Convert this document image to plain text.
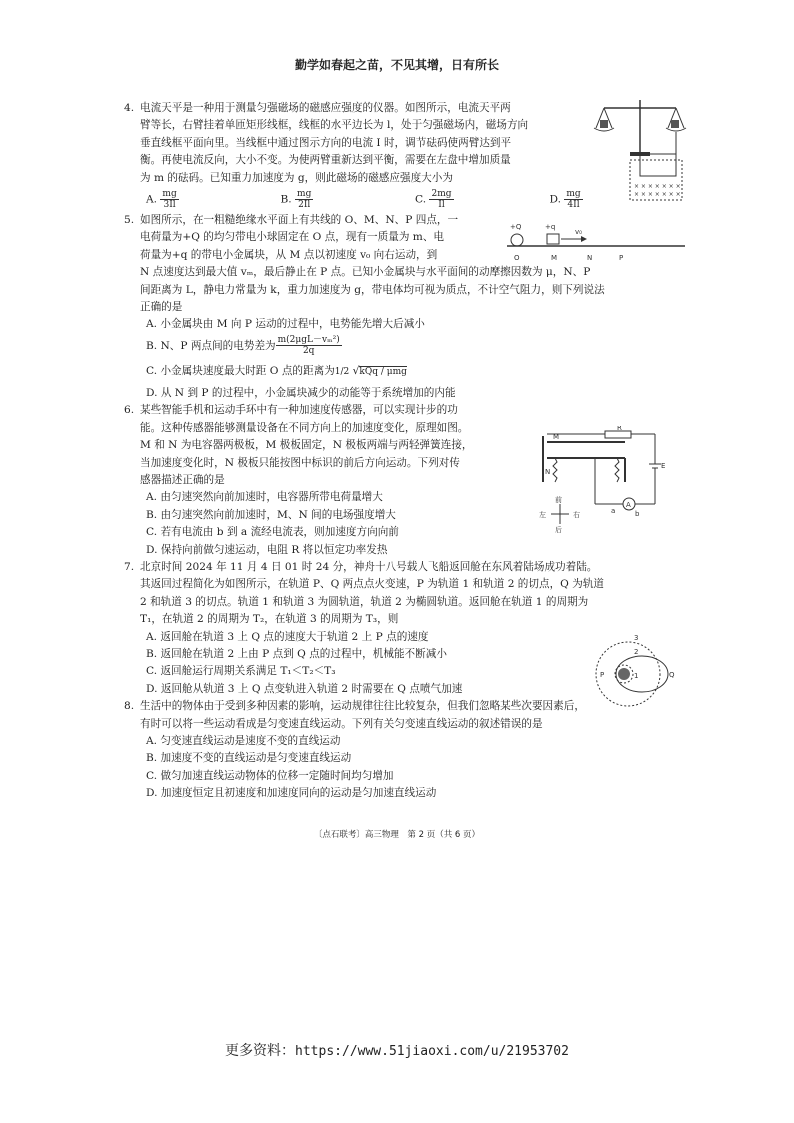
勤学如春起之苗，不见其增，日有所长
4. 电流天平是一种用于测量匀强磁场的磁感应强度的仪器。如图所示，电流天平两
臂等长，右臂挂着单匝矩形线框，线框的水平边长为 l，处于匀强磁场内，磁场方向
垂直线框平面向里。当线框中通过图示方向的电流 I 时，调节砝码使两臂达到平
衡。再使电流反向，大小不变。为使两臂重新达到平衡，需要在左盘中增加质量
为 m 的砝码。已知重力加速度为 g，则此磁场的磁感应强度大小为
A. $\frac{mg}{3Il}$	B. $\frac{mg}{2Il}$	C. $\frac{2mg}{Il}$	D. $\frac{mg}{4Il}$
5. 如图所示，在一粗糙绝缘水平面上有共线的 O、M、N、P 四点，一
电荷量为+Q 的均匀带电小球固定在 O 点，现有一质量为 m、电
荷量为+q 的带电小金属块，从 M 点以初速度 v₀ 向右运动，到
N 点速度达到最大值 vₘ，最后静止在 P 点。已知小金属块与水平面间的动摩擦因数为 μ，N、P
间距离为 L，静电力常量为 k，重力加速度为 g，带电体均可视为质点，不计空气阻力，则下列说法
正确的是
A. 小金属块由 M 向 P 运动的过程中，电势能先增大后减小
B. N、P 两点间的电势差为 $\frac{\text{m(2μgL－vₘ²)}}{2q}$
C. 小金属块速度最大时距 O 点的距离为1/2 √kQq / μmg
D. 从 N 到 P 的过程中，小金属块减少的动能等于系统增加的内能
6. 某些智能手机和运动手环中有一种加速度传感器，可以实现计步的功
能。这种传感器能够测量设备在不同方向上的加速度变化，原理如图。
M 和 N 为电容器两极板，M 极板固定，N 极板两端与两轻弹簧连接，
当加速度变化时，N 极板只能按图中标识的前后方向运动。下列对传
感器描述正确的是
A. 由匀速突然向前加速时，电容器所带电荷量增大
B. 由匀速突然向前加速时，M、N 间的电场强度增大
C. 若有电流由 b 到 a 流经电流表，则加速度方向向前
D. 保持向前做匀速运动，电阻 R 将以恒定功率发热
7. 北京时间 2024 年 11 月 4 日 01 时 24 分，神舟十八号载人飞船返回舱在东风着陆场成功着陆。
其返回过程简化为如图所示，在轨道 P、Q 两点点火变速，P 为轨道 1 和轨道 2 的切点，Q 为轨道
2 和轨道 3 的切点。轨道 1 和轨道 3 为圆轨道，轨道 2 为椭圆轨道。返回舱在轨道 1 的周期为
T₁，在轨道 2 的周期为 T₂，在轨道 3 的周期为 T₃，则
A. 返回舱在轨道 3 上 Q 点的速度大于轨道 2 上 P 点的速度
B. 返回舱在轨道 2 上由 P 点到 Q 点的过程中，机械能不断减小
C. 返回舱运行周期关系满足 T₁＜T₂＜T₃
D. 返回舱从轨道 3 上 Q 点变轨进入轨道 2 时需要在 Q 点喷气加速
8. 生活中的物体由于受到多种因素的影响，运动规律往往比较复杂，但我们忽略某些次要因素后，
有时可以将一些运动看成是匀变速直线运动。下列有关匀变速直线运动的叙述错误的是
A. 匀变速直线运动是速度不变的直线运动
B. 加速度不变的直线运动是匀变速直线运动
C. 做匀加速直线运动物体的位移一定随时间均匀增加
D. 加速度恒定且初速度和加速度同向的运动是匀加速直线运动
× × × × × × ×
× × × × × × ×
+Q	+q
v₀
O	M	N	P
M
N
R
E
A
a	b
前
后
左	右
3
2
1
P	Q
〔点石联考〕高三物理　第 2 页（共 6 页）
更多资料：https://www.51jiaoxi.com/u/21953702
